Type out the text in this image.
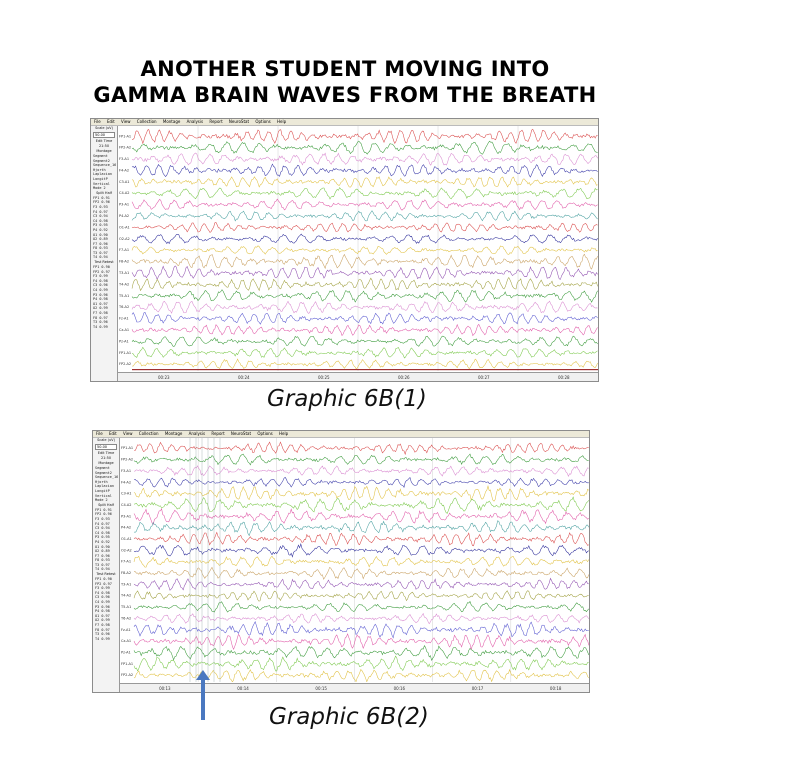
ANOTHER STUDENT MOVING INTO
GAMMA BRAIN WAVES FROM THE BREATH
File Edit View Collection Montage Analysis Report NeuroStat Options Help
Scale (uV)
50.00
Edit Time
21:50
Montage
Segment
Segment2
Sequence_16
Hjorth
Laplacian
LongitP
Vertical
Mode 2
Split Half
FP1 0.91
FP2 0.96
F3 0.93
F4 0.97
C3 0.94
C4 0.98
P3 0.95
P4 0.92
O1 0.90
O2 0.89
F7 0.96
F8 0.93
T3 0.97
T4 0.94
Test Retest
FP1 0.90
FP2 0.97
F3 0.99
F4 0.98
C3 0.96
C4 0.99
P3 0.96
P4 0.98
O1 0.97
O2 0.99
F7 0.98
F8 0.97
T3 0.96
T4 0.99
FP1-A1
FP2-A2
F3-A1
F4-A2
C3-A1
C4-A2
P3-A1
P4-A2
O1-A1
O2-A2
F7-A1
F8-A2
T3-A1
T4-A2
T5-A1
T6-A2
Fz-A1
Cz-A1
Pz-A1
FP1-A1
FP2-A2
00:23	00:24	00:25	00:26	00:27	00:28
Graphic 6B(1)
File Edit View Collection Montage Analysis Report NeuroStat Options Help
Scale (uV)
50.00
Edit Time
21:50
Montage
Segment
Segment2
Sequence_16
Hjorth
Laplacian
LongitP
Vertical
Mode 2
Split Half
FP1 0.91
FP2 0.96
F3 0.93
F4 0.97
C3 0.94
C4 0.98
P3 0.95
P4 0.92
O1 0.90
O2 0.89
F7 0.96
F8 0.93
T3 0.97
T4 0.94
Test Retest
FP1 0.90
FP2 0.97
F3 0.99
F4 0.98
C3 0.96
C4 0.99
P3 0.96
P4 0.98
O1 0.97
O2 0.99
F7 0.98
F8 0.97
T3 0.96
T4 0.99
FP1-A1
FP2-A2
F3-A1
F4-A2
C3-A1
C4-A2
P3-A1
P4-A2
O1-A1
O2-A2
F7-A1
F8-A2
T3-A1
T4-A2
T5-A1
T6-A2
Fz-A1
Cz-A1
Pz-A1
FP1-A1
FP2-A2
00:13	00:14	00:15	00:16	00:17	00:18
Graphic 6B(2)
